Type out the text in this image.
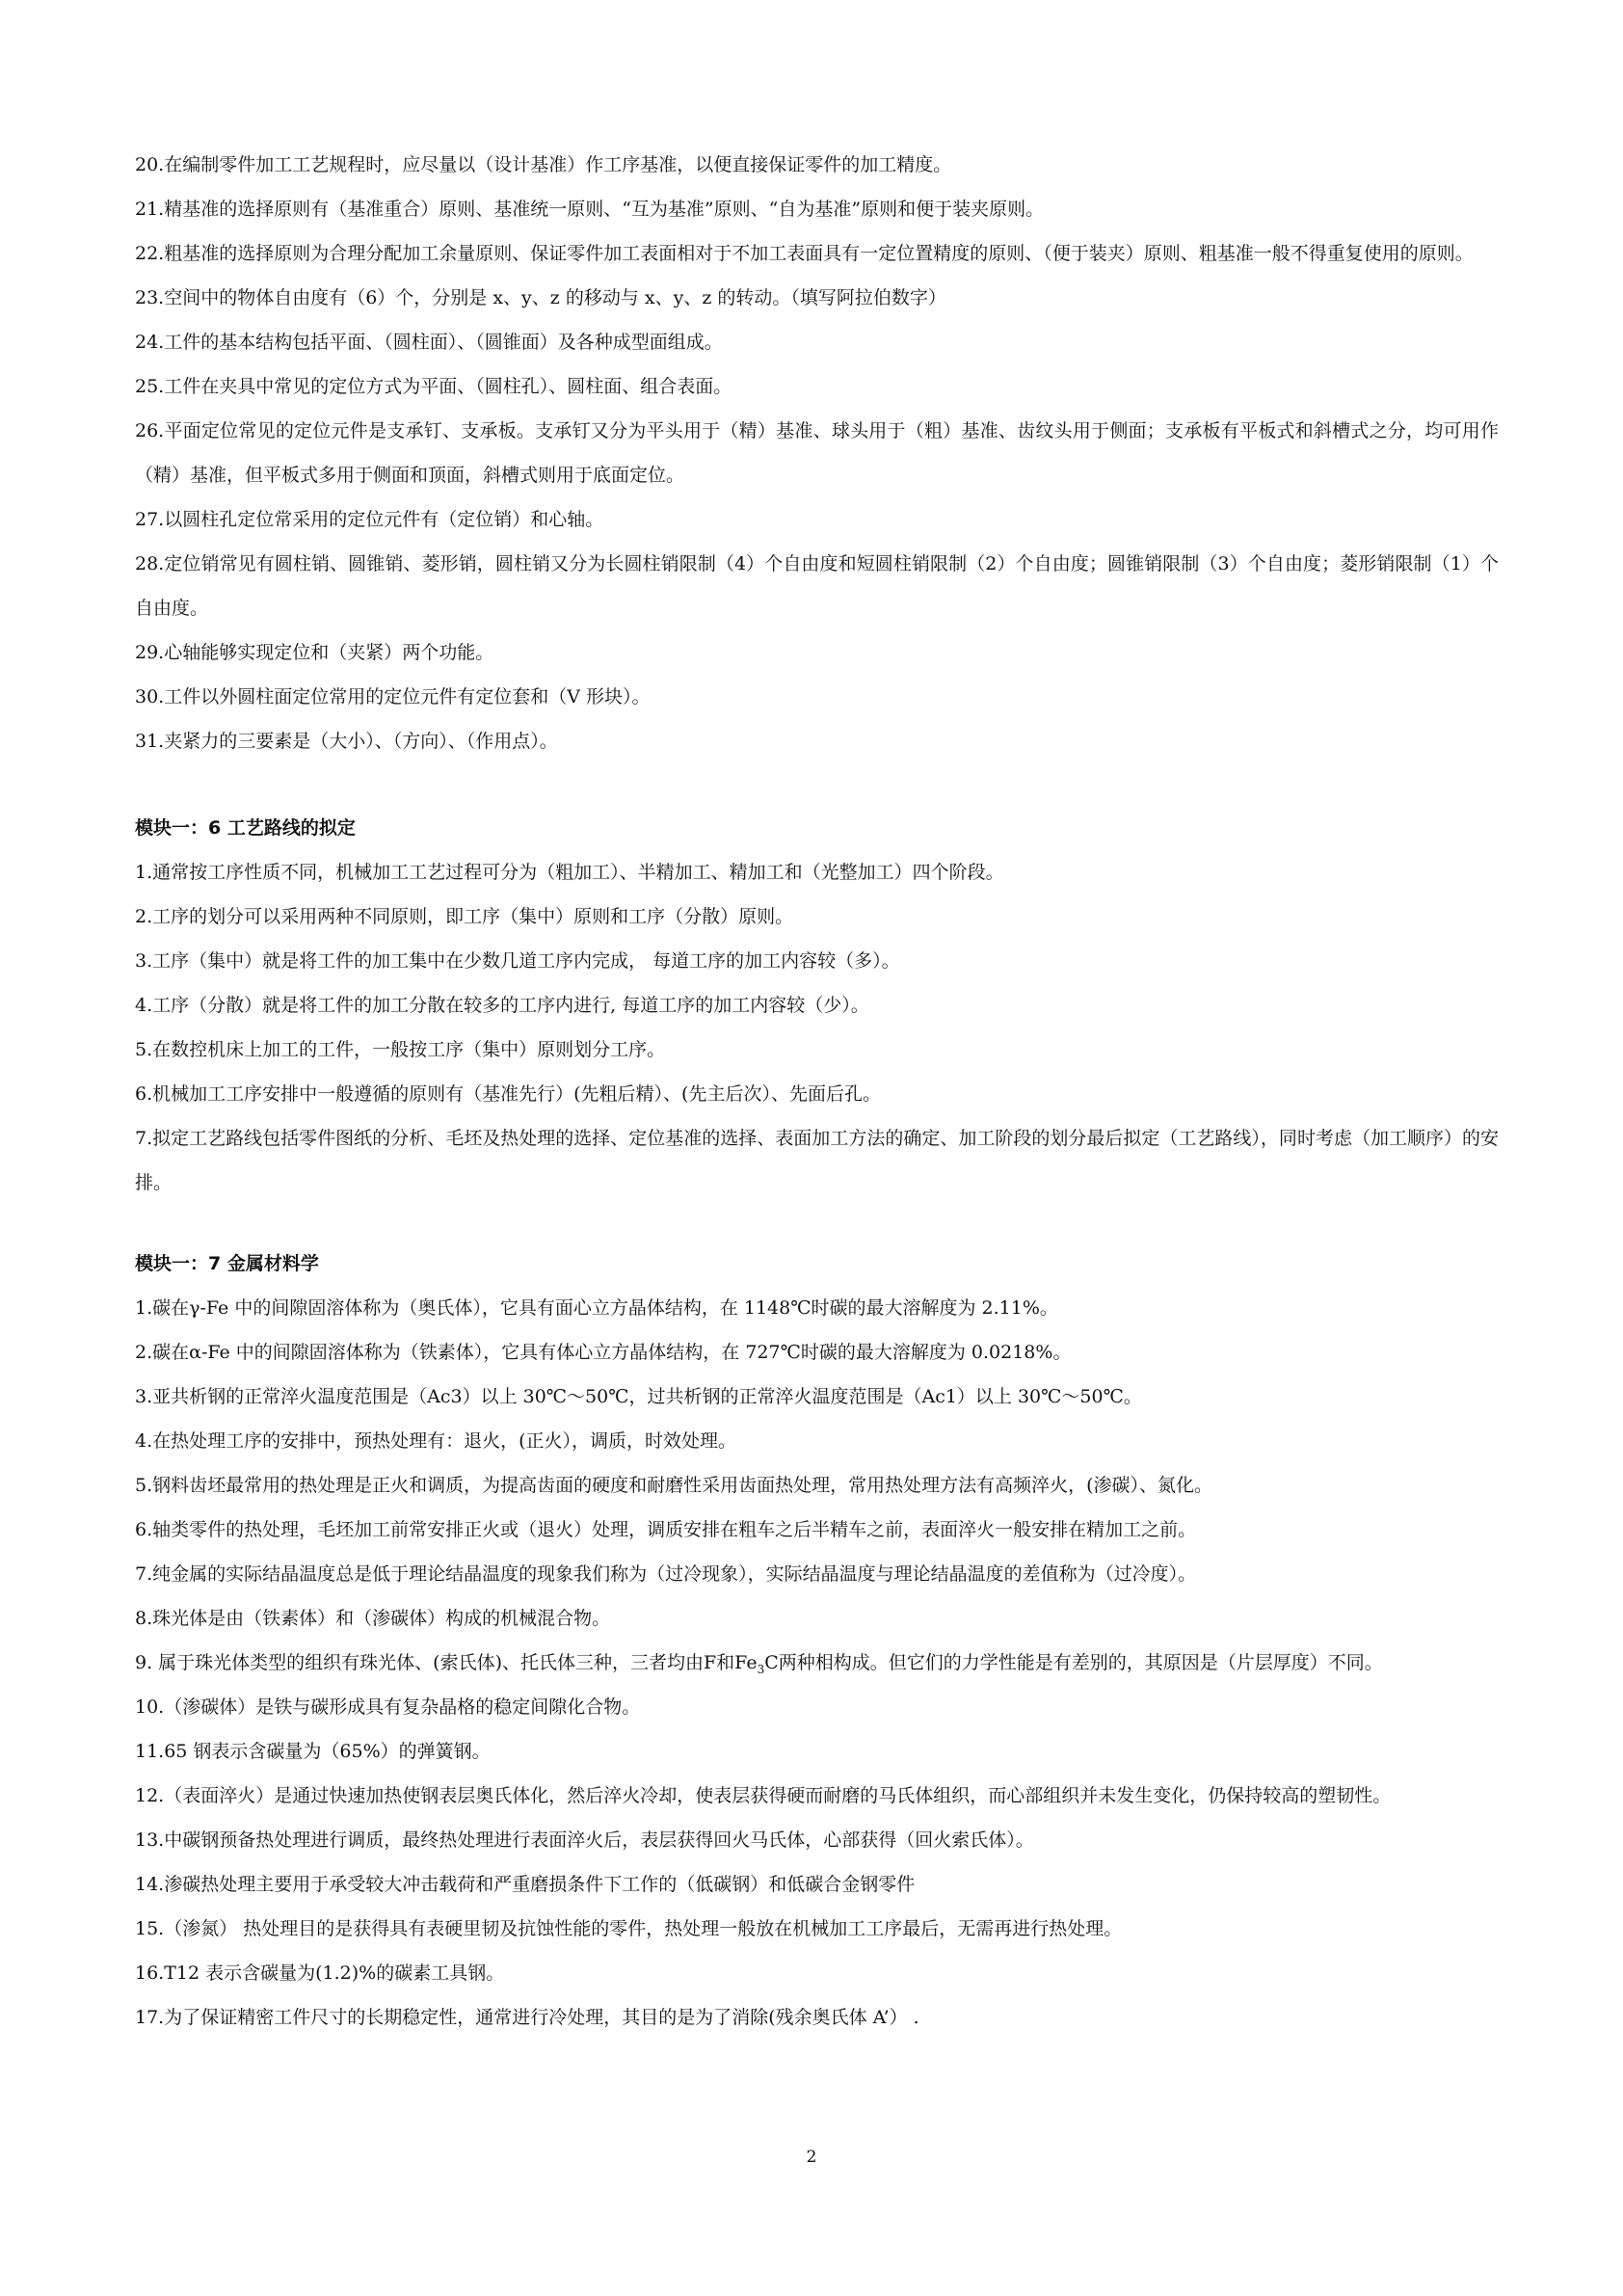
20.在编制零件加工工艺规程时，应尽量以（设计基准）作工序基准，以便直接保证零件的加工精度。

21.精基准的选择原则有（基准重合）原则、基准统一原则、“互为基准”原则、“自为基准”原则和便于装夹原则。

22.粗基准的选择原则为合理分配加工余量原则、保证零件加工表面相对于不加工表面具有一定位置精度的原则、（便于装夹）原则、粗基准一般不得重复使用的原则。

23.空间中的物体自由度有（6）个，分别是 x、y、z 的移动与 x、y、z 的转动。（填写阿拉伯数字）

24.工件的基本结构包括平面、（圆柱面）、（圆锥面）及各种成型面组成。

25.工件在夹具中常见的定位方式为平面、（圆柱孔）、圆柱面、组合表面。

26.平面定位常见的定位元件是支承钉、支承板。支承钉又分为平头用于（精）基准、球头用于（粗）基准、齿纹头用于侧面；支承板有平板式和斜槽式之分，均可用作（精）基准，但平板式多用于侧面和顶面，斜槽式则用于底面定位。

27.以圆柱孔定位常采用的定位元件有（定位销）和心轴。

28.定位销常见有圆柱销、圆锥销、菱形销，圆柱销又分为长圆柱销限制（4）个自由度和短圆柱销限制（2）个自由度；圆锥销限制（3）个自由度；菱形销限制（1）个自由度。

29.心轴能够实现定位和（夹紧）两个功能。

30.工件以外圆柱面定位常用的定位元件有定位套和（V 形块）。

31.夹紧力的三要素是（大小）、（方向）、（作用点）。

模块一：6 工艺路线的拟定

1.通常按工序性质不同，机械加工工艺过程可分为（粗加工）、半精加工、精加工和（光整加工）四个阶段。

2.工序的划分可以采用两种不同原则，即工序（集中）原则和工序（分散）原则。

3.工序（集中）就是将工件的加工集中在少数几道工序内完成， 每道工序的加工内容较（多）。

4.工序（分散）就是将工件的加工分散在较多的工序内进行, 每道工序的加工内容较（少）。

5.在数控机床上加工的工件，一般按工序（集中）原则划分工序。

6.机械加工工序安排中一般遵循的原则有（基准先行）(先粗后精）、(先主后次）、先面后孔。

7.拟定工艺路线包括零件图纸的分析、毛坯及热处理的选择、定位基准的选择、表面加工方法的确定、加工阶段的划分最后拟定（工艺路线），同时考虑（加工顺序）的安排。

模块一：7 金属材料学

1.碳在γ-Fe 中的间隙固溶体称为（奥氏体），它具有面心立方晶体结构，在 1148℃时碳的最大溶解度为 2.11%。

2.碳在α-Fe 中的间隙固溶体称为（铁素体），它具有体心立方晶体结构，在 727℃时碳的最大溶解度为 0.0218%。

3.亚共析钢的正常淬火温度范围是（Ac3）以上 30℃～50℃，过共析钢的正常淬火温度范围是（Ac1）以上 30℃～50℃。

4.在热处理工序的安排中，预热处理有：退火，(正火），调质，时效处理。

5.钢料齿坯最常用的热处理是正火和调质，为提高齿面的硬度和耐磨性采用齿面热处理，常用热处理方法有高频淬火，(渗碳）、氮化。

6.轴类零件的热处理，毛坯加工前常安排正火或（退火）处理，调质安排在粗车之后半精车之前，表面淬火一般安排在精加工之前。

7.纯金属的实际结晶温度总是低于理论结晶温度的现象我们称为（过冷现象），实际结晶温度与理论结晶温度的差值称为（过冷度）。

8.珠光体是由（铁素体）和（渗碳体）构成的机械混合物。

9. 属于珠光体类型的组织有珠光体、(索氏体)、托氏体三种，三者均由F和$Fe_3C$两种相构成。但它们的力学性能是有差别的，其原因是（片层厚度）不同。

10.（渗碳体）是铁与碳形成具有复杂晶格的稳定间隙化合物。

11.65 钢表示含碳量为（65%）的弹簧钢。

12.（表面淬火）是通过快速加热使钢表层奥氏体化，然后淬火冷却，使表层获得硬而耐磨的马氏体组织，而心部组织并未发生变化，仍保持较高的塑韧性。

13.中碳钢预备热处理进行调质，最终热处理进行表面淬火后，表层获得回火马氏体，心部获得（回火索氏体）。

14.渗碳热处理主要用于承受较大冲击载荷和严重磨损条件下工作的（低碳钢）和低碳合金钢零件

15.（渗氮） 热处理目的是获得具有表硬里韧及抗蚀性能的零件，热处理一般放在机械加工工序最后，无需再进行热处理。

16.T12 表示含碳量为(1.2)%的碳素工具钢。

17.为了保证精密工件尺寸的长期稳定性，通常进行冷处理，其目的是为了消除(残余奥氏体 A’） .

2
